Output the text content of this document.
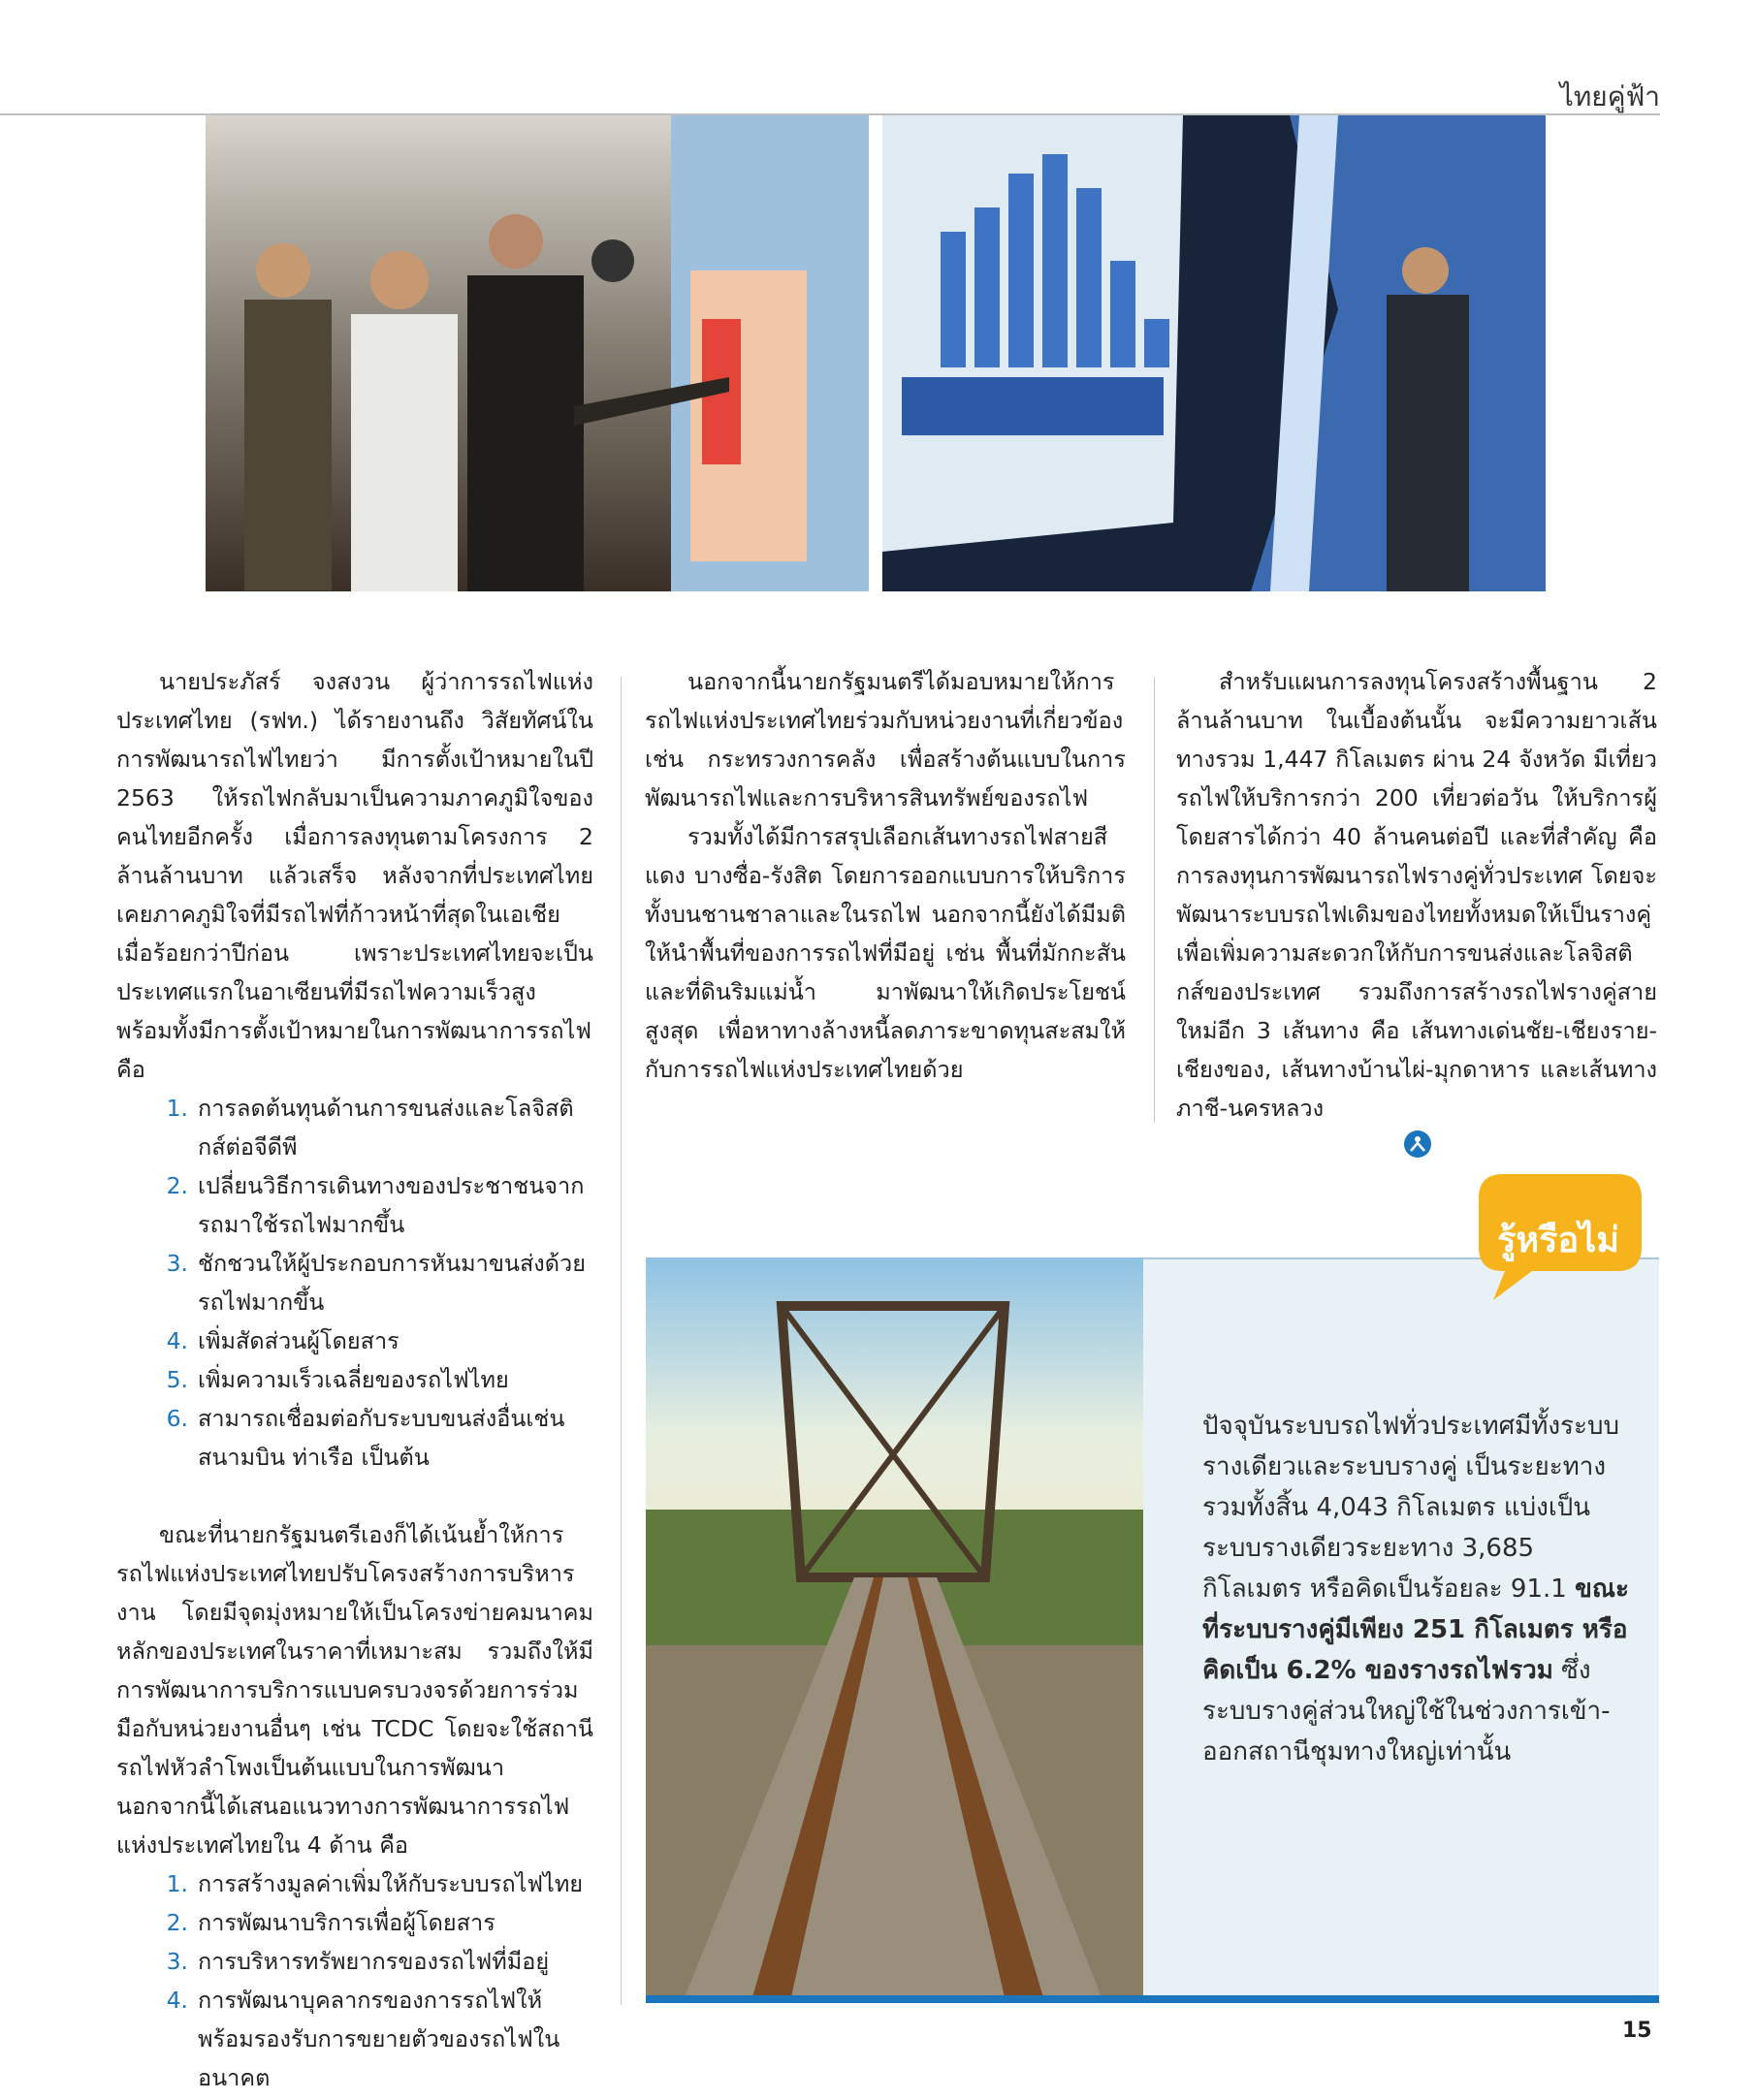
ไทยคู่ฟ้า

นายประภัสร์ จงสงวน ผู้ว่าการรถไฟแห่งประเทศไทย (รฟท.) ได้รายงานถึง วิสัยทัศน์ในการพัฒนารถไฟไทยว่า มีการตั้งเป้าหมายในปี 2563 ให้รถไฟกลับมาเป็นความภาคภูมิใจของคนไทยอีกครั้ง เมื่อการลงทุนตามโครงการ 2 ล้านล้านบาท แล้วเสร็จ หลังจากที่ประเทศไทยเคยภาคภูมิใจที่มีรถไฟที่ก้าวหน้าที่สุดในเอเชียเมื่อร้อยกว่าปีก่อน เพราะประเทศไทยจะเป็นประเทศแรกในอาเซียนที่มีรถไฟความเร็วสูง พร้อมทั้งมีการตั้งเป้าหมายในการพัฒนาการรถไฟคือ

1. การลดต้นทุนด้านการขนส่งและโลจิสติกส์ต่อจีดีพี
2. เปลี่ยนวิธีการเดินทางของประชาชนจากรถมาใช้รถไฟมากขึ้น
3. ชักชวนให้ผู้ประกอบการหันมาขนส่งด้วยรถไฟมากขึ้น
4. เพิ่มสัดส่วนผู้โดยสาร
5. เพิ่มความเร็วเฉลี่ยของรถไฟไทย
6. สามารถเชื่อมต่อกับระบบขนส่งอื่นเช่น สนามบิน ท่าเรือ เป็นต้น

ขณะที่นายกรัฐมนตรีเองก็ได้เน้นย้ำให้การรถไฟแห่งประเทศไทยปรับโครงสร้างการบริหารงาน โดยมีจุดมุ่งหมายให้เป็นโครงข่ายคมนาคมหลักของประเทศในราคาที่เหมาะสม รวมถึงให้มีการพัฒนาการบริการแบบครบวงจรด้วยการร่วมมือกับหน่วยงานอื่นๆ เช่น TCDC โดยจะใช้สถานีรถไฟหัวลำโพงเป็นต้นแบบในการพัฒนา นอกจากนี้ได้เสนอแนวทางการพัฒนาการรถไฟแห่งประเทศไทยใน 4 ด้าน คือ

1. การสร้างมูลค่าเพิ่มให้กับระบบรถไฟไทย
2. การพัฒนาบริการเพื่อผู้โดยสาร
3. การบริหารทรัพยากรของรถไฟที่มีอยู่
4. การพัฒนาบุคลากรของการรถไฟให้พร้อมรองรับการขยายตัวของรถไฟในอนาคต

นอกจากนี้นายกรัฐมนตรีได้มอบหมายให้การรถไฟแห่งประเทศไทยร่วมกับหน่วยงานที่เกี่ยวข้อง เช่น กระทรวงการคลัง เพื่อสร้างต้นแบบในการพัฒนารถไฟและการบริหารสินทรัพย์ของรถไฟ

รวมทั้งได้มีการสรุปเลือกเส้นทางรถไฟสายสีแดง บางซื่อ-รังสิต โดยการออกแบบการให้บริการทั้งบนชานชาลาและในรถไฟ นอกจากนี้ยังได้มีมติให้นำพื้นที่ของการรถไฟที่มีอยู่ เช่น พื้นที่มักกะสัน และที่ดินริมแม่น้ำ มาพัฒนาให้เกิดประโยชน์สูงสุด เพื่อหาทางล้างหนี้ลดภาระขาดทุนสะสมให้กับการรถไฟแห่งประเทศไทยด้วย

สำหรับแผนการลงทุนโครงสร้างพื้นฐาน 2 ล้านล้านบาท ในเบื้องต้นนั้น จะมีความยาวเส้นทางรวม 1,447 กิโลเมตร ผ่าน 24 จังหวัด มีเที่ยวรถไฟให้บริการกว่า 200 เที่ยวต่อวัน ให้บริการผู้โดยสารได้กว่า 40 ล้านคนต่อปี และที่สำคัญ คือการลงทุนการพัฒนารถไฟรางคู่ทั่วประเทศ โดยจะพัฒนาระบบรถไฟเดิมของไทยทั้งหมดให้เป็นรางคู่ เพื่อเพิ่มความสะดวกให้กับการขนส่งและโลจิสติกส์ของประเทศ รวมถึงการสร้างรถไฟรางคู่สายใหม่อีก 3 เส้นทาง คือ เส้นทางเด่นชัย-เชียงราย-เชียงของ, เส้นทางบ้านไผ่-มุกดาหาร และเส้นทางภาชี-นครหลวง

รู้หรือไม่

ปัจจุบันระบบรถไฟทั่วประเทศมีทั้งระบบรางเดียวและระบบรางคู่ เป็นระยะทางรวมทั้งสิ้น 4,043 กิโลเมตร แบ่งเป็นระบบรางเดียวระยะทาง 3,685 กิโลเมตร หรือคิดเป็นร้อยละ 91.1 ขณะที่ระบบรางคู่มีเพียง 251 กิโลเมตร หรือคิดเป็น 6.2% ของรางรถไฟรวม ซึ่งระบบรางคู่ส่วนใหญ่ใช้ในช่วงการเข้า-ออกสถานีชุมทางใหญ่เท่านั้น

15
